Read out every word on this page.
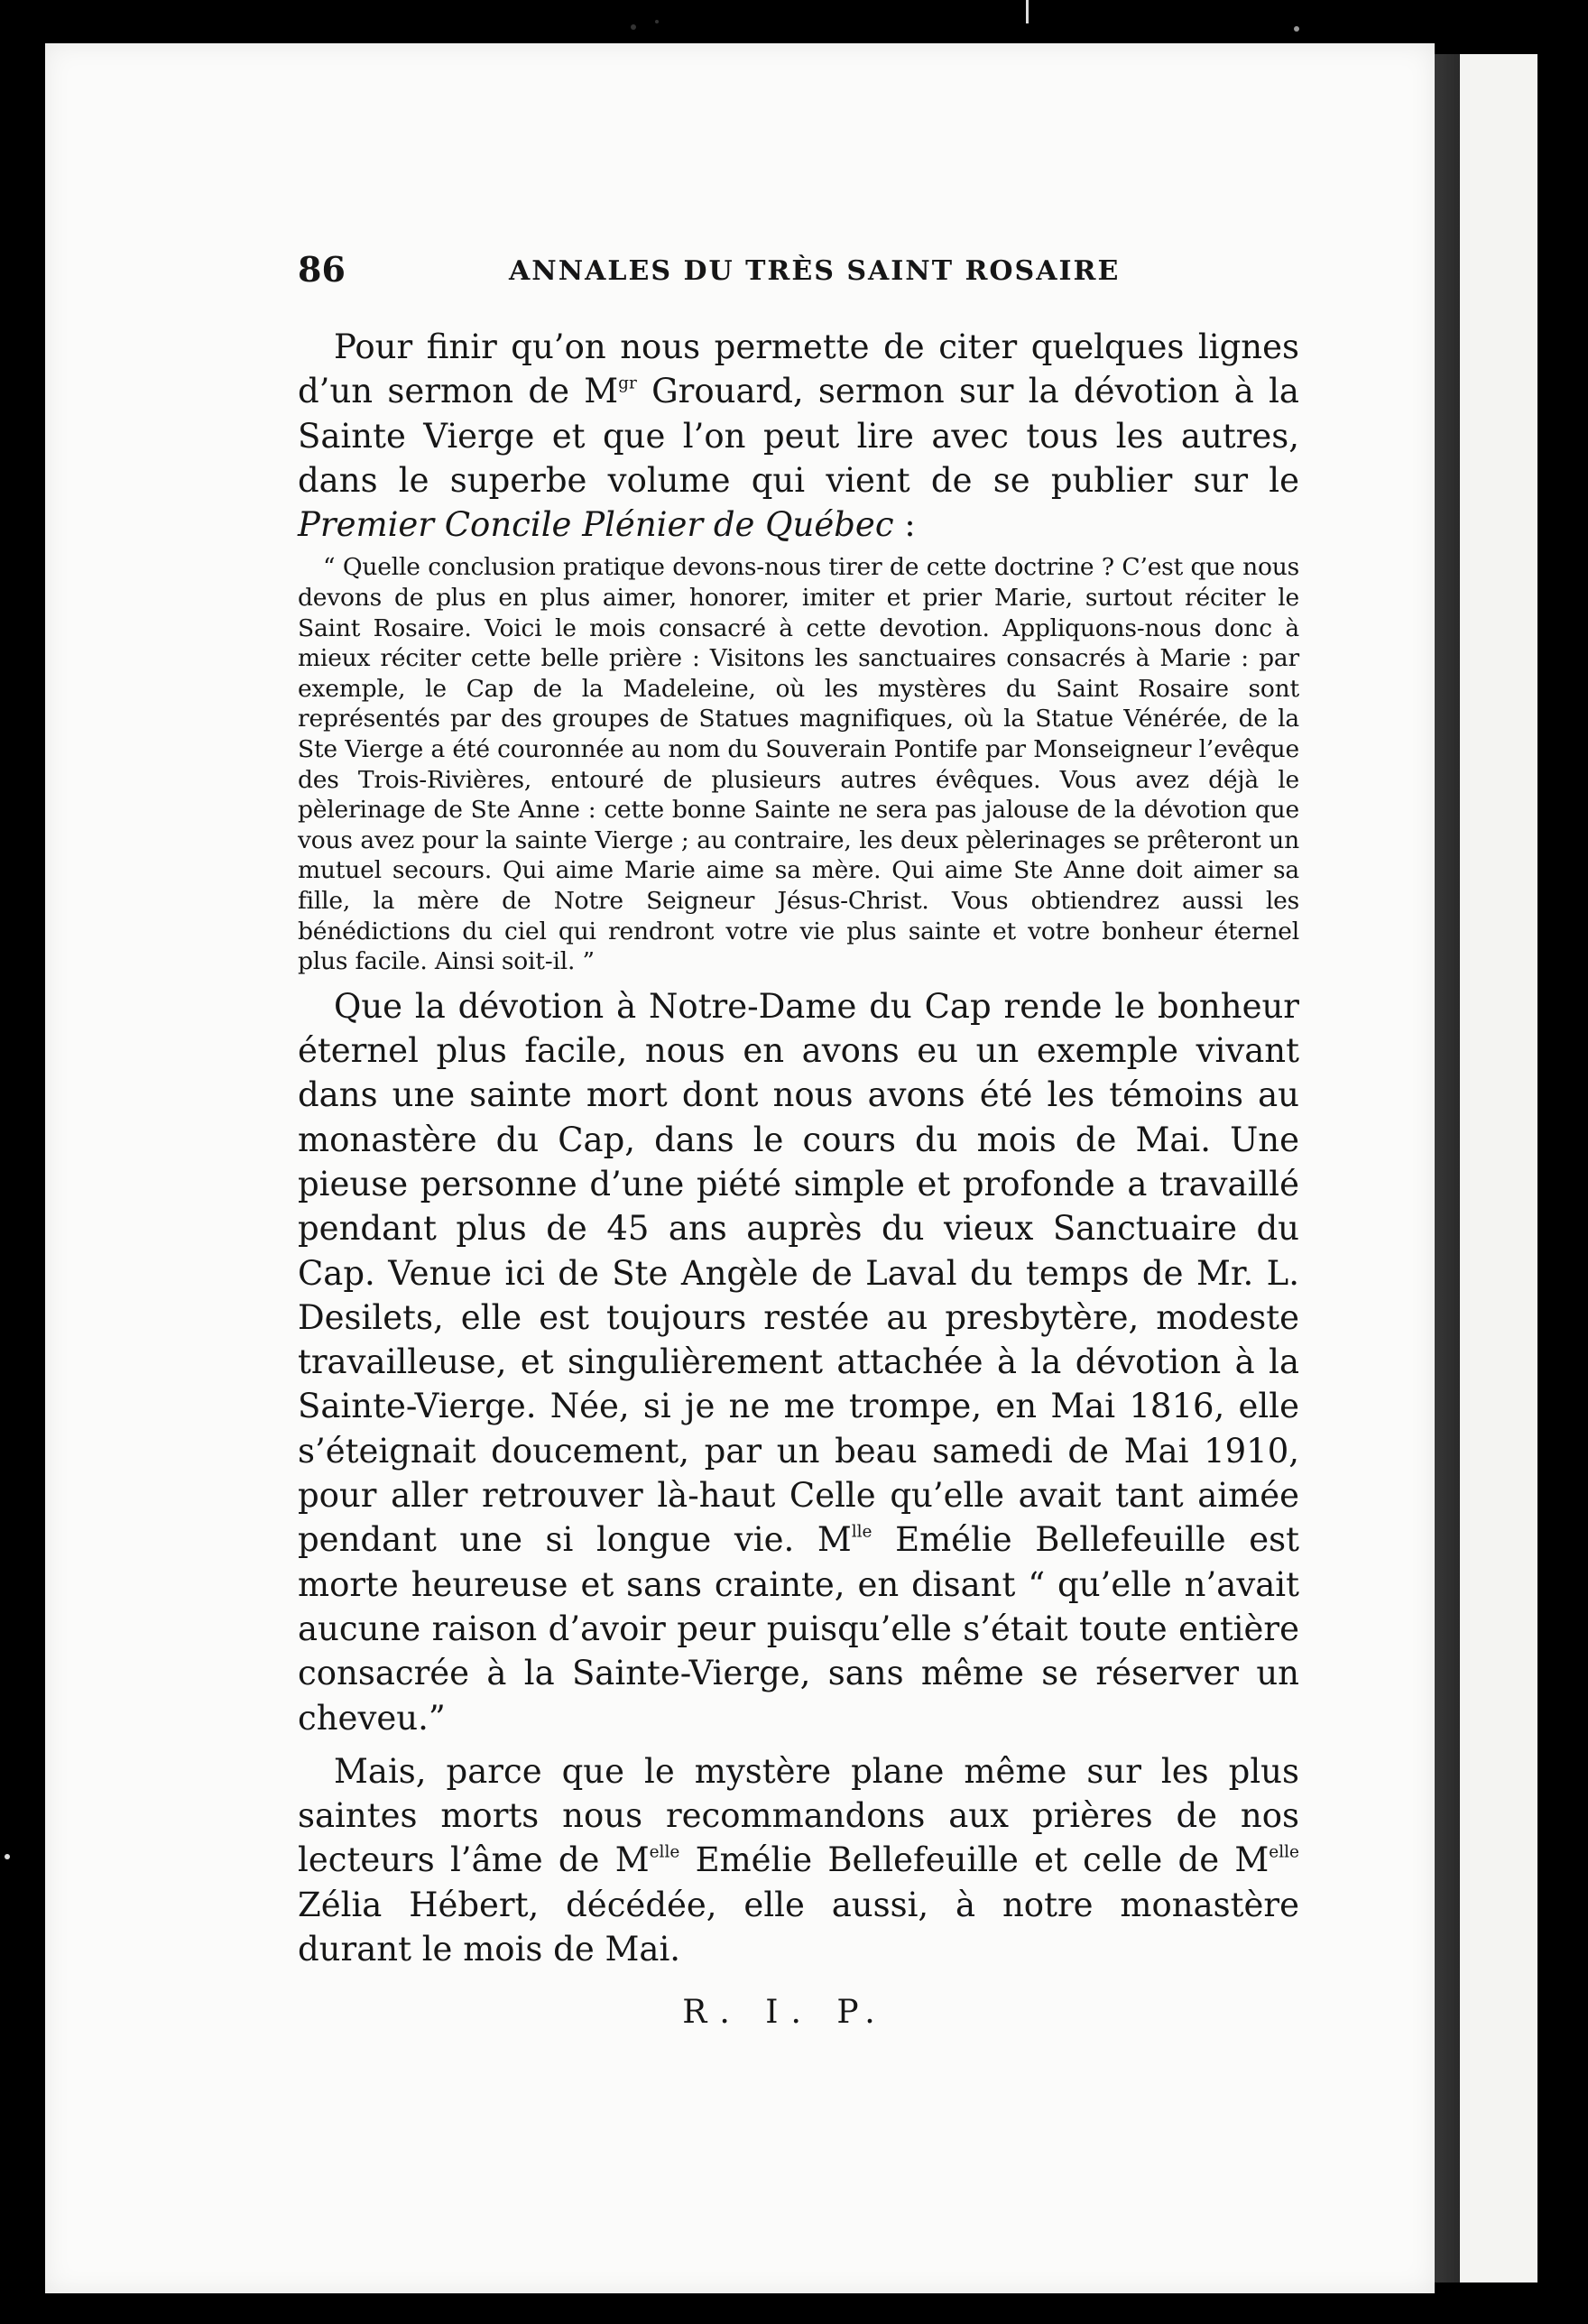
86	ANNALES DU TRÈS SAINT ROSAIRE

Pour finir qu’on nous permette de citer quelques lignes d’un sermon de $M^{gr}$ Grouard, sermon sur la dévotion à la Sainte Vierge et que l’on peut lire avec tous les autres, dans le superbe volume qui vient de se publier sur le Premier Concile Plénier de Québec :

“ Quelle conclusion pratique devons-nous tirer de cette doctrine ? C’est que nous devons de plus en plus aimer, honorer, imiter et prier Marie, surtout réciter le Saint Rosaire. Voici le mois consacré à cette devotion. Appliquons-nous donc à mieux réciter cette belle prière : Visitons les sanctuaires consacrés à Marie : par exemple, le Cap de la Madeleine, où les mystères du Saint Rosaire sont représentés par des groupes de Statues magnifiques, où la Statue Vénérée, de la Ste Vierge a été couronnée au nom du Souverain Pontife par Monseigneur l’evêque des Trois-Rivières, entouré de plusieurs autres évêques. Vous avez déjà le pèlerinage de Ste Anne : cette bonne Sainte ne sera pas jalouse de la dévotion que vous avez pour la sainte Vierge ; au contraire, les deux pèlerinages se prêteront un mutuel secours. Qui aime Marie aime sa mère. Qui aime Ste Anne doit aimer sa fille, la mère de Notre Seigneur Jésus-Christ. Vous obtiendrez aussi les bénédictions du ciel qui rendront votre vie plus sainte et votre bonheur éternel plus facile. Ainsi soit-il. ”

Que la dévotion à Notre-Dame du Cap rende le bonheur éternel plus facile, nous en avons eu un exemple vivant dans une sainte mort dont nous avons été les témoins au monastère du Cap, dans le cours du mois de Mai. Une pieuse personne d’une piété simple et profonde a travaillé pendant plus de 45 ans auprès du vieux Sanctuaire du Cap. Venue ici de Ste Angèle de Laval du temps de Mr. L. Desilets, elle est toujours restée au presbytère, modeste travailleuse, et singulièrement attachée à la dévotion à la Sainte-Vierge. Née, si je ne me trompe, en Mai 1816, elle s’éteignait doucement, par un beau samedi de Mai 1910, pour aller retrouver là-haut Celle qu’elle avait tant aimée pendant une si longue vie. $M^{lle}$ Emélie Bellefeuille est morte heureuse et sans crainte, en disant “ qu’elle n’avait aucune raison d’avoir peur puisqu’elle s’était toute entière consacrée à la Sainte-Vierge, sans même se réserver un cheveu.”

Mais, parce que le mystère plane même sur les plus saintes morts nous recommandons aux prières de nos lecteurs l’âme de $M^{elle}$ Emélie Bellefeuille et celle de $M^{elle}$ Zélia Hébert, décédée, elle aussi, à notre monastère durant le mois de Mai.

R. I. P.
